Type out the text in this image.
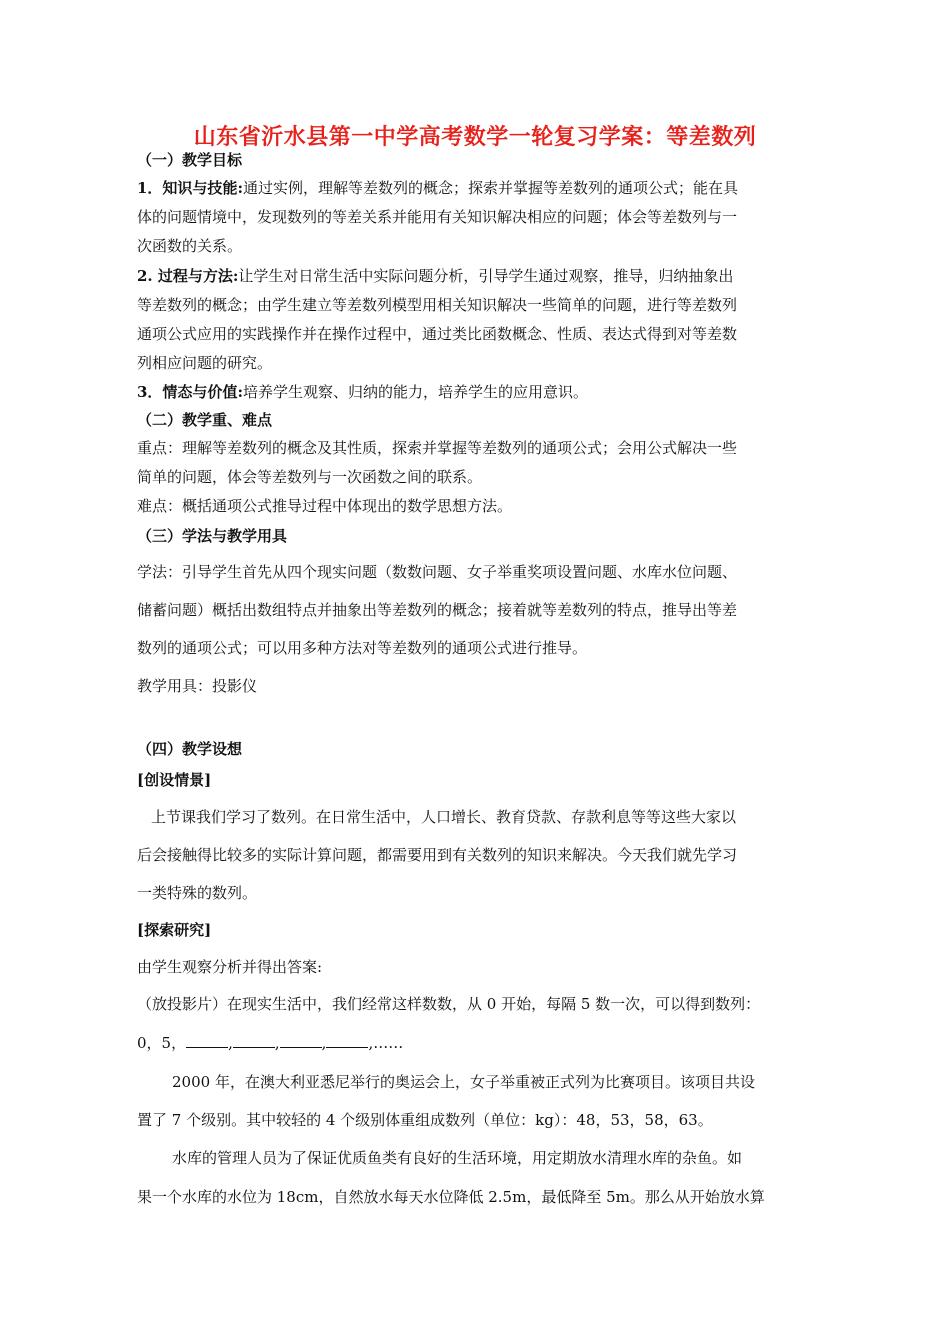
山东省沂水县第一中学高考数学一轮复习学案：等差数列
（一）教学目标
1．知识与技能:通过实例，理解等差数列的概念；探索并掌握等差数列的通项公式；能在具
体的问题情境中，发现数列的等差关系并能用有关知识解决相应的问题；体会等差数列与一
次函数的关系。
2. 过程与方法:让学生对日常生活中实际问题分析，引导学生通过观察，推导，归纳抽象出
等差数列的概念；由学生建立等差数列模型用相关知识解决一些简单的问题，进行等差数列
通项公式应用的实践操作并在操作过程中，通过类比函数概念、性质、表达式得到对等差数
列相应问题的研究。
3．情态与价值:培养学生观察、归纳的能力，培养学生的应用意识。
（二）教学重、难点
重点：理解等差数列的概念及其性质，探索并掌握等差数列的通项公式；会用公式解决一些
简单的问题，体会等差数列与一次函数之间的联系。
难点：概括通项公式推导过程中体现出的数学思想方法。
（三）学法与教学用具
学法：引导学生首先从四个现实问题（数数问题、女子举重奖项设置问题、水库水位问题、
储蓄问题）概括出数组特点并抽象出等差数列的概念；接着就等差数列的特点，推导出等差
数列的通项公式；可以用多种方法对等差数列的通项公式进行推导。
教学用具：投影仪
（四）教学设想
[创设情景]
上节课我们学习了数列。在日常生活中，人口增长、教育贷款、存款利息等等这些大家以
后会接触得比较多的实际计算问题，都需要用到有关数列的知识来解决。今天我们就先学习
一类特殊的数列。
[探索研究]
由学生观察分析并得出答案:
（放投影片）在现实生活中，我们经常这样数数，从 0 开始，每隔 5 数一次，可以得到数列：
0，5，	,	,	,	,……
2000 年，在澳大利亚悉尼举行的奥运会上，女子举重被正式列为比赛项目。该项目共设
置了 7 个级别。其中较轻的 4 个级别体重组成数列（单位：kg）：48，53，58，63。
水库的管理人员为了保证优质鱼类有良好的生活环境，用定期放水清理水库的杂鱼。如
果一个水库的水位为 18cm，自然放水每天水位降低 2.5m，最低降至 5m。那么从开始放水算
